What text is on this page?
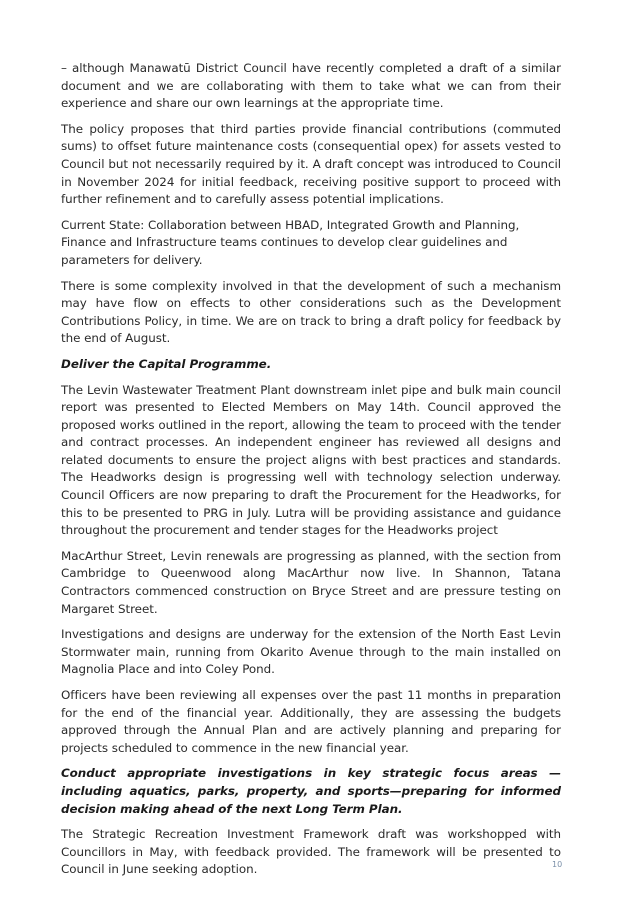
– although Manawatū District Council have recently completed a draft of a similar document and we are collaborating with them to take what we can from their experience and share our own learnings at the appropriate time.

The policy proposes that third parties provide financial contributions (commuted sums) to offset future maintenance costs (consequential opex) for assets vested to Council but not necessarily required by it. A draft concept was introduced to Council in November 2024 for initial feedback, receiving positive support to proceed with further refinement and to carefully assess potential implications.

Current State: Collaboration between HBAD, Integrated Growth and Planning, Finance and Infrastructure teams continues to develop clear guidelines and parameters for delivery.

There is some complexity involved in that the development of such a mechanism may have flow on effects to other considerations such as the Development Contributions Policy, in time. We are on track to bring a draft policy for feedback by the end of August.

Deliver the Capital Programme.

The Levin Wastewater Treatment Plant downstream inlet pipe and bulk main council report was presented to Elected Members on May 14th. Council approved the proposed works outlined in the report, allowing the team to proceed with the tender and contract processes. An independent engineer has reviewed all designs and related documents to ensure the project aligns with best practices and standards. The Headworks design is progressing well with technology selection underway. Council Officers are now preparing to draft the Procurement for the Headworks, for this to be presented to PRG in July. Lutra will be providing assistance and guidance throughout the procurement and tender stages for the Headworks project

MacArthur Street, Levin renewals are progressing as planned, with the section from Cambridge to Queenwood along MacArthur now live. In Shannon, Tatana Contractors commenced construction on Bryce Street and are pressure testing on Margaret Street.

Investigations and designs are underway for the extension of the North East Levin Stormwater main, running from Okarito Avenue through to the main installed on Magnolia Place and into Coley Pond.

Officers have been reviewing all expenses over the past 11 months in preparation for the end of the financial year. Additionally, they are assessing the budgets approved through the Annual Plan and are actively planning and preparing for projects scheduled to commence in the new financial year.

Conduct appropriate investigations in key strategic focus areas —including aquatics, parks, property, and sports—preparing for informed decision making ahead of the next Long Term Plan.

The Strategic Recreation Investment Framework draft was workshopped with Councillors in May, with feedback provided. The framework will be presented to Council in June seeking adoption.	10
